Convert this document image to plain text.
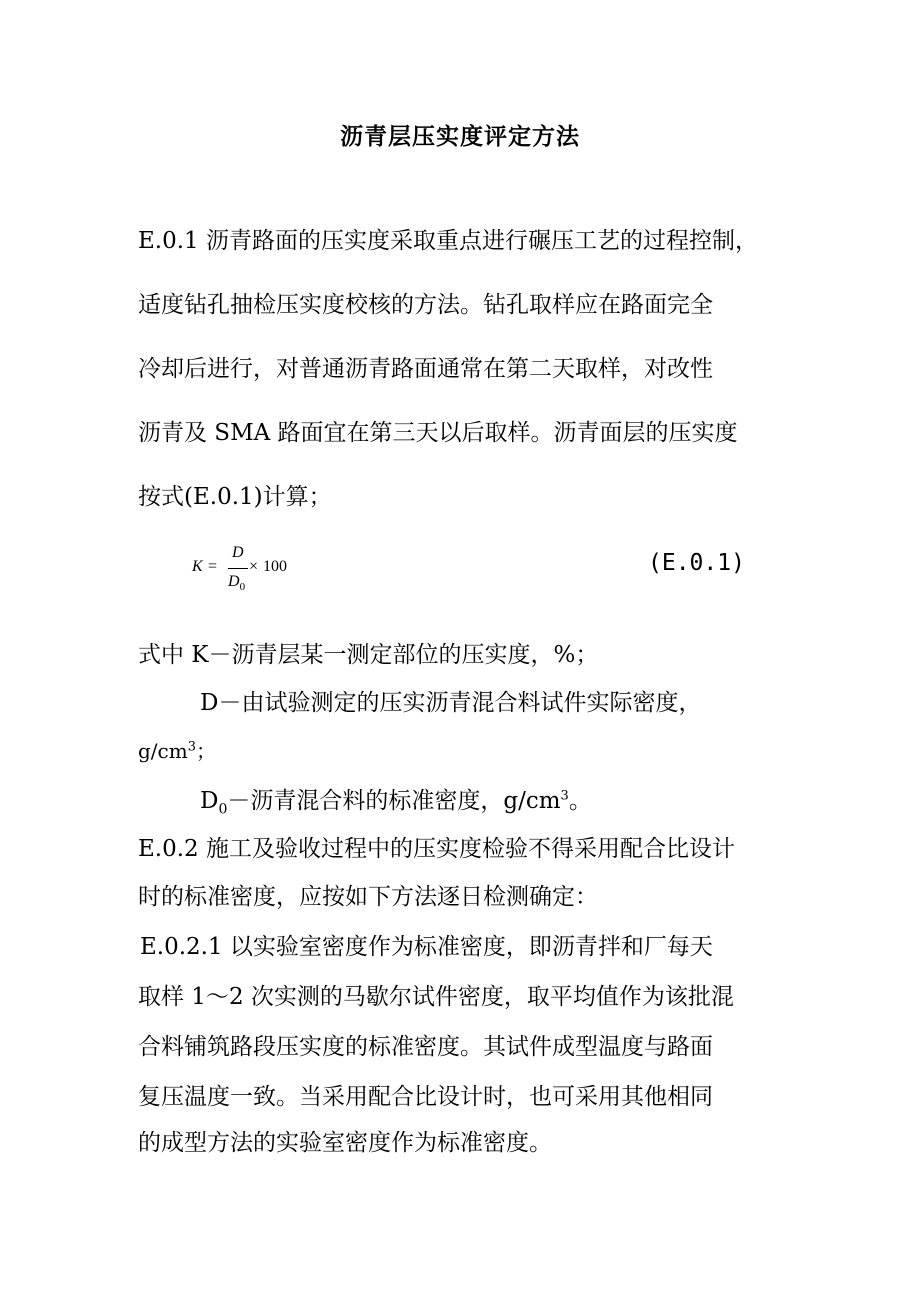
沥青层压实度评定方法
E.0.1 沥青路面的压实度采取重点进行碾压工艺的过程控制，
适度钻孔抽检压实度校核的方法。钻孔取样应在路面完全
冷却后进行，对普通沥青路面通常在第二天取样，对改性
沥青及 SMA 路面宜在第三天以后取样。沥青面层的压实度
按式(E.0.1)计算；
K =
D
$D_0$
× 100	(E.0.1)
式中 K－沥青层某一测定部位的压实度，%；
D－由试验测定的压实沥青混合料试件实际密度，
$g/cm^3$；
$D_0-$沥青混合料的标准密度，$g/cm^3$。
E.0.2 施工及验收过程中的压实度检验不得采用配合比设计
时的标准密度，应按如下方法逐日检测确定：
E.0.2.1 以实验室密度作为标准密度，即沥青拌和厂每天
取样 1～2 次实测的马歇尔试件密度，取平均值作为该批混
合料铺筑路段压实度的标准密度。其试件成型温度与路面
复压温度一致。当采用配合比设计时，也可采用其他相同
的成型方法的实验室密度作为标准密度。
